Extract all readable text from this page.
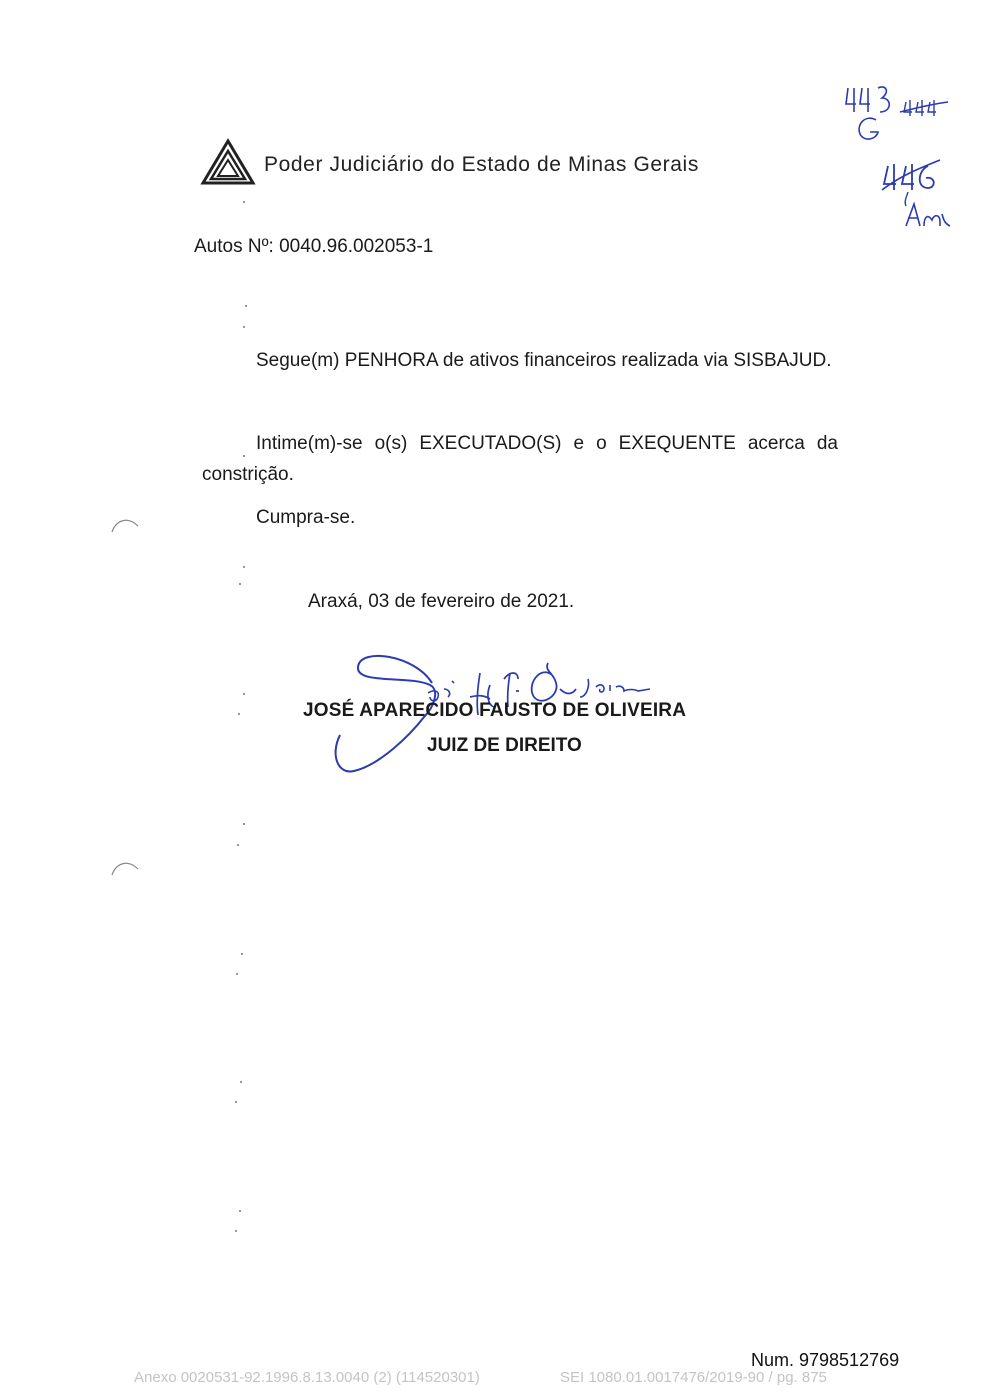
Poder Judiciário do Estado de Minas Gerais
Autos Nº: 0040.96.002053-1
Segue(m) PENHORA de ativos financeiros realizada via SISBAJUD.
Intime(m)-se o(s) EXECUTADO(S) e o EXEQUENTE acerca da constrição.
Cumpra-se.
Araxá, 03 de fevereiro de 2021.
JOSÉ APARECIDO FAUSTO DE OLIVEIRA
JUIZ DE DIREITO
Num. 9798512769
Anexo 0020531-92.1996.8.13.0040 (2) (114520301)	SEI 1080.01.0017476/2019-90 / pg. 875
